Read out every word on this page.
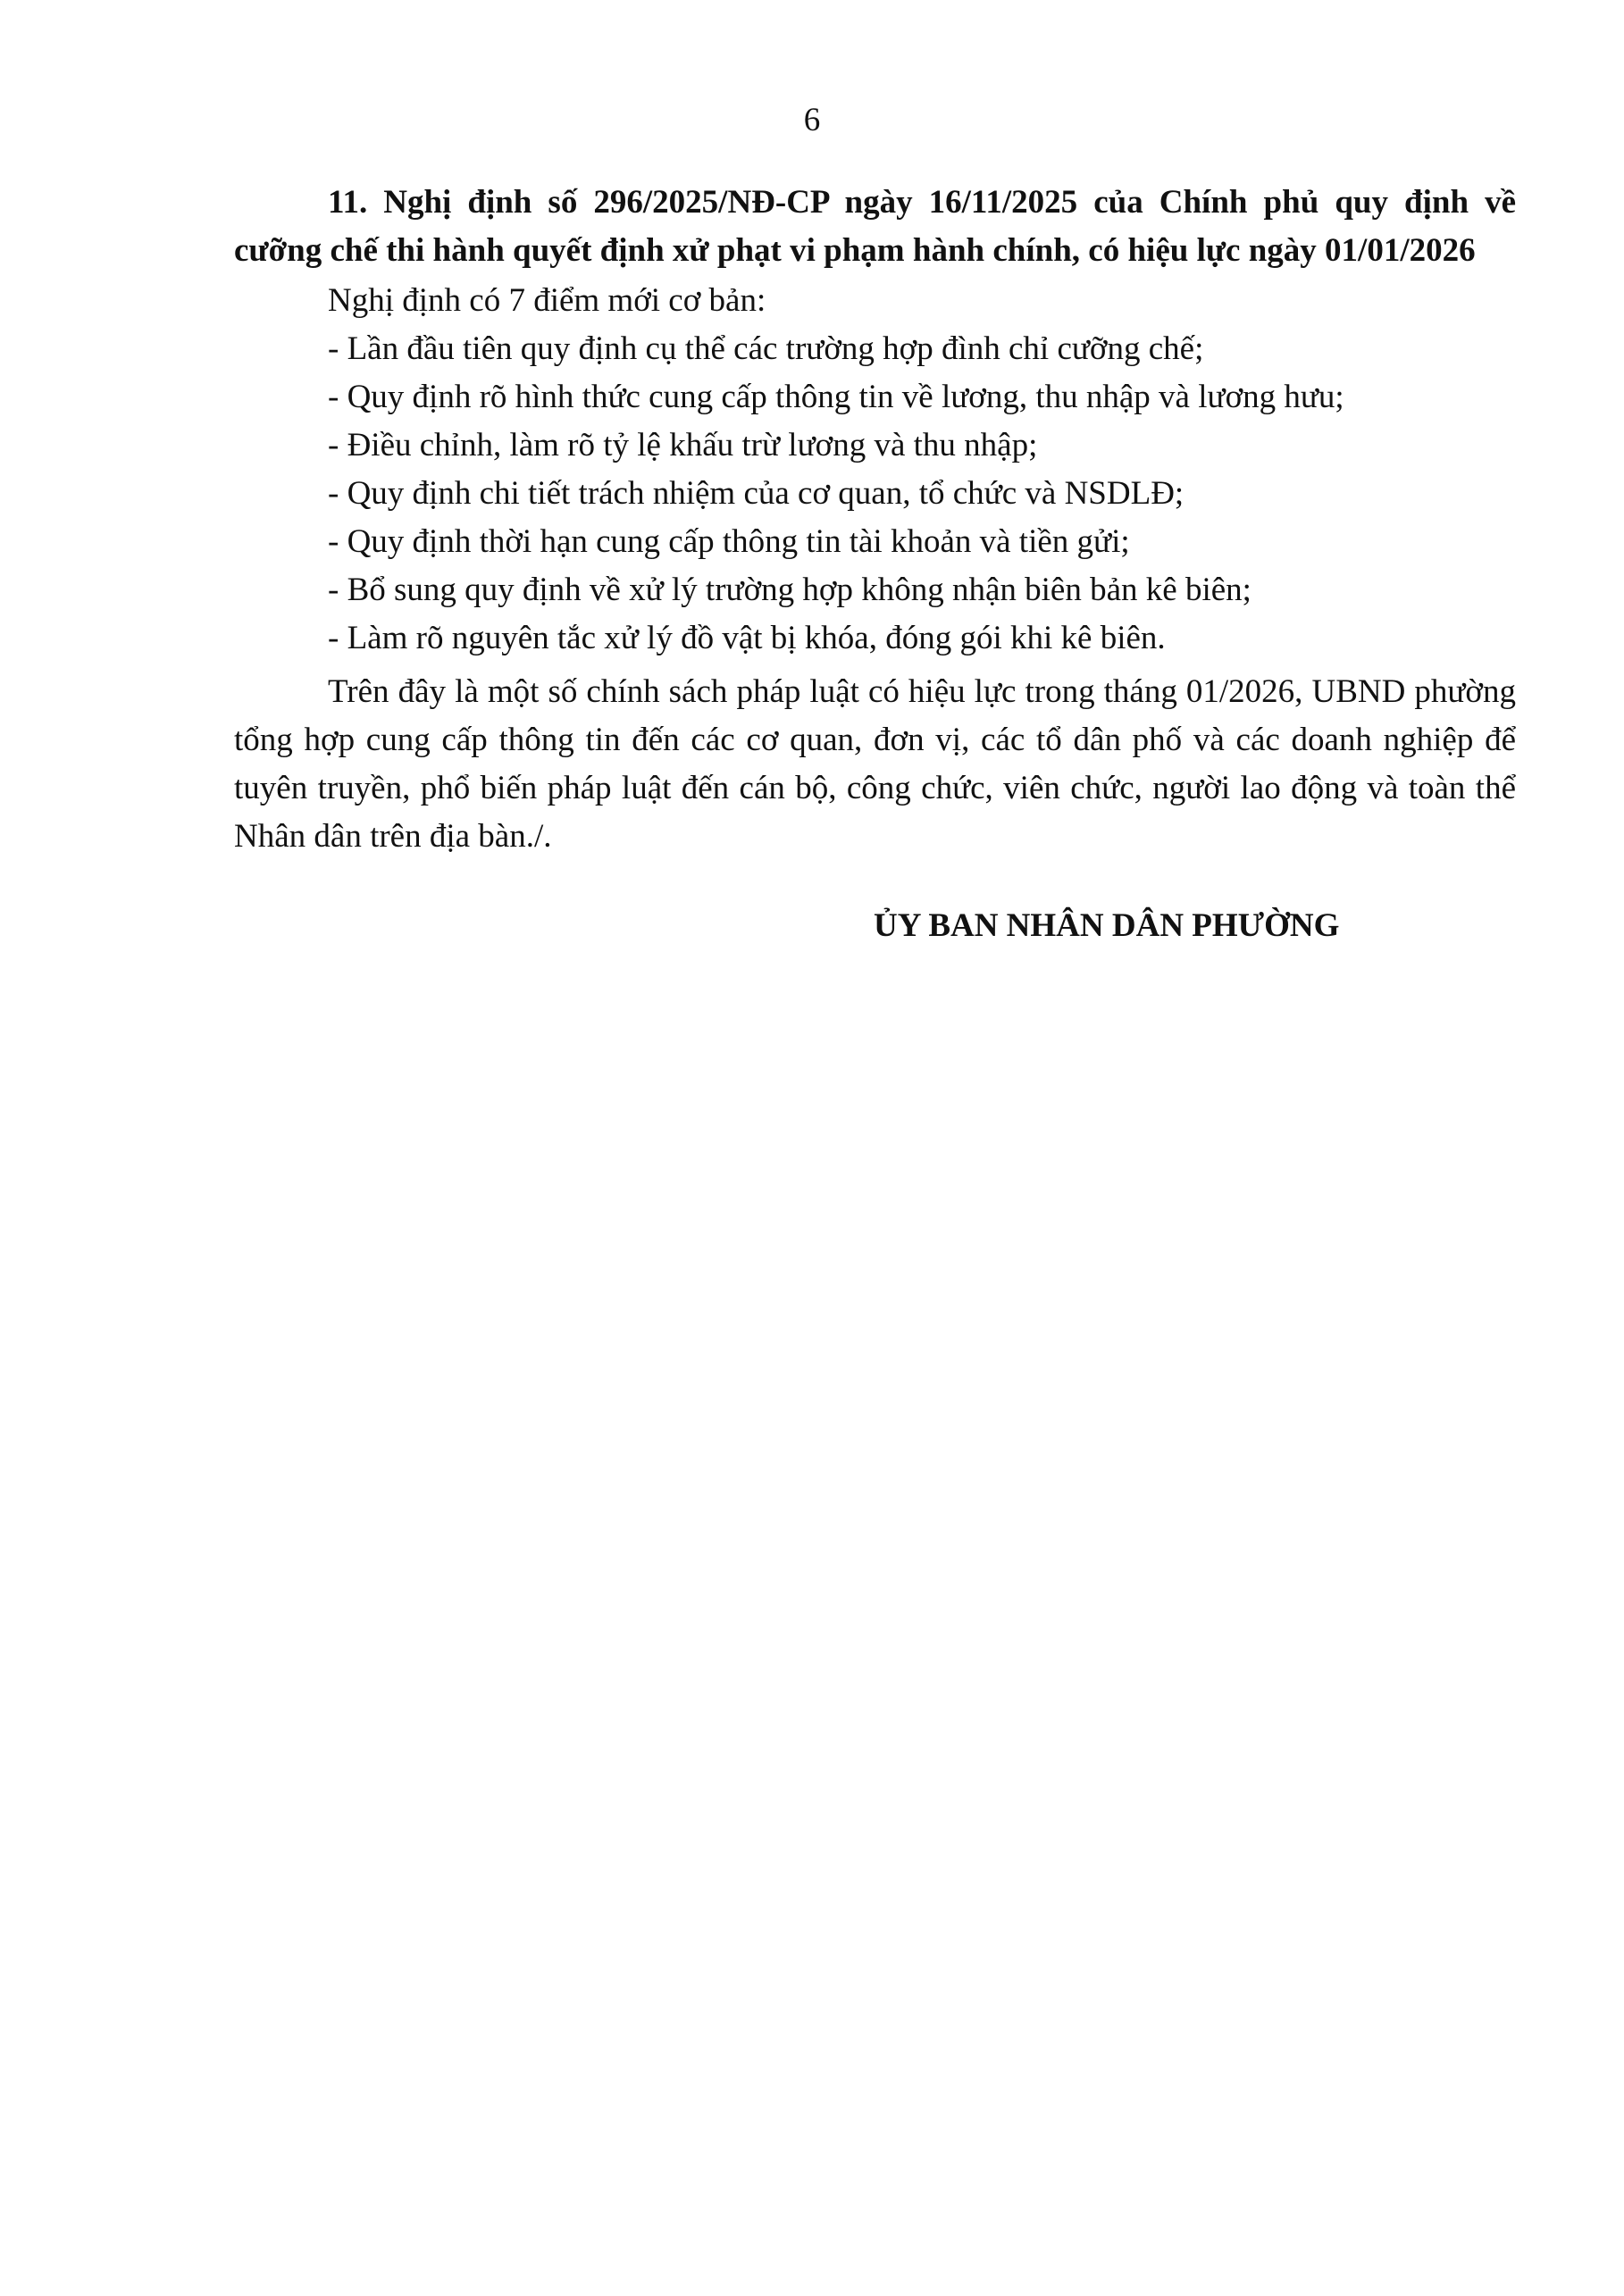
6

11. Nghị định số 296/2025/NĐ-CP ngày 16/11/2025 của Chính phủ quy định về cưỡng chế thi hành quyết định xử phạt vi phạm hành chính, có hiệu lực ngày 01/01/2026

Nghị định có 7 điểm mới cơ bản:

- Lần đầu tiên quy định cụ thể các trường hợp đình chỉ cưỡng chế;
- Quy định rõ hình thức cung cấp thông tin về lương, thu nhập và lương hưu;
- Điều chỉnh, làm rõ tỷ lệ khấu trừ lương và thu nhập;
- Quy định chi tiết trách nhiệm của cơ quan, tổ chức và NSDLĐ;
- Quy định thời hạn cung cấp thông tin tài khoản và tiền gửi;
- Bổ sung quy định về xử lý trường hợp không nhận biên bản kê biên;
- Làm rõ nguyên tắc xử lý đồ vật bị khóa, đóng gói khi kê biên.

Trên đây là một số chính sách pháp luật có hiệu lực trong tháng 01/2026, UBND phường tổng hợp cung cấp thông tin đến các cơ quan, đơn vị, các tổ dân phố và các doanh nghiệp để tuyên truyền, phổ biến pháp luật đến cán bộ, công chức, viên chức, người lao động và toàn thể Nhân dân trên địa bàn./.

ỦY BAN NHÂN DÂN PHƯỜNG
